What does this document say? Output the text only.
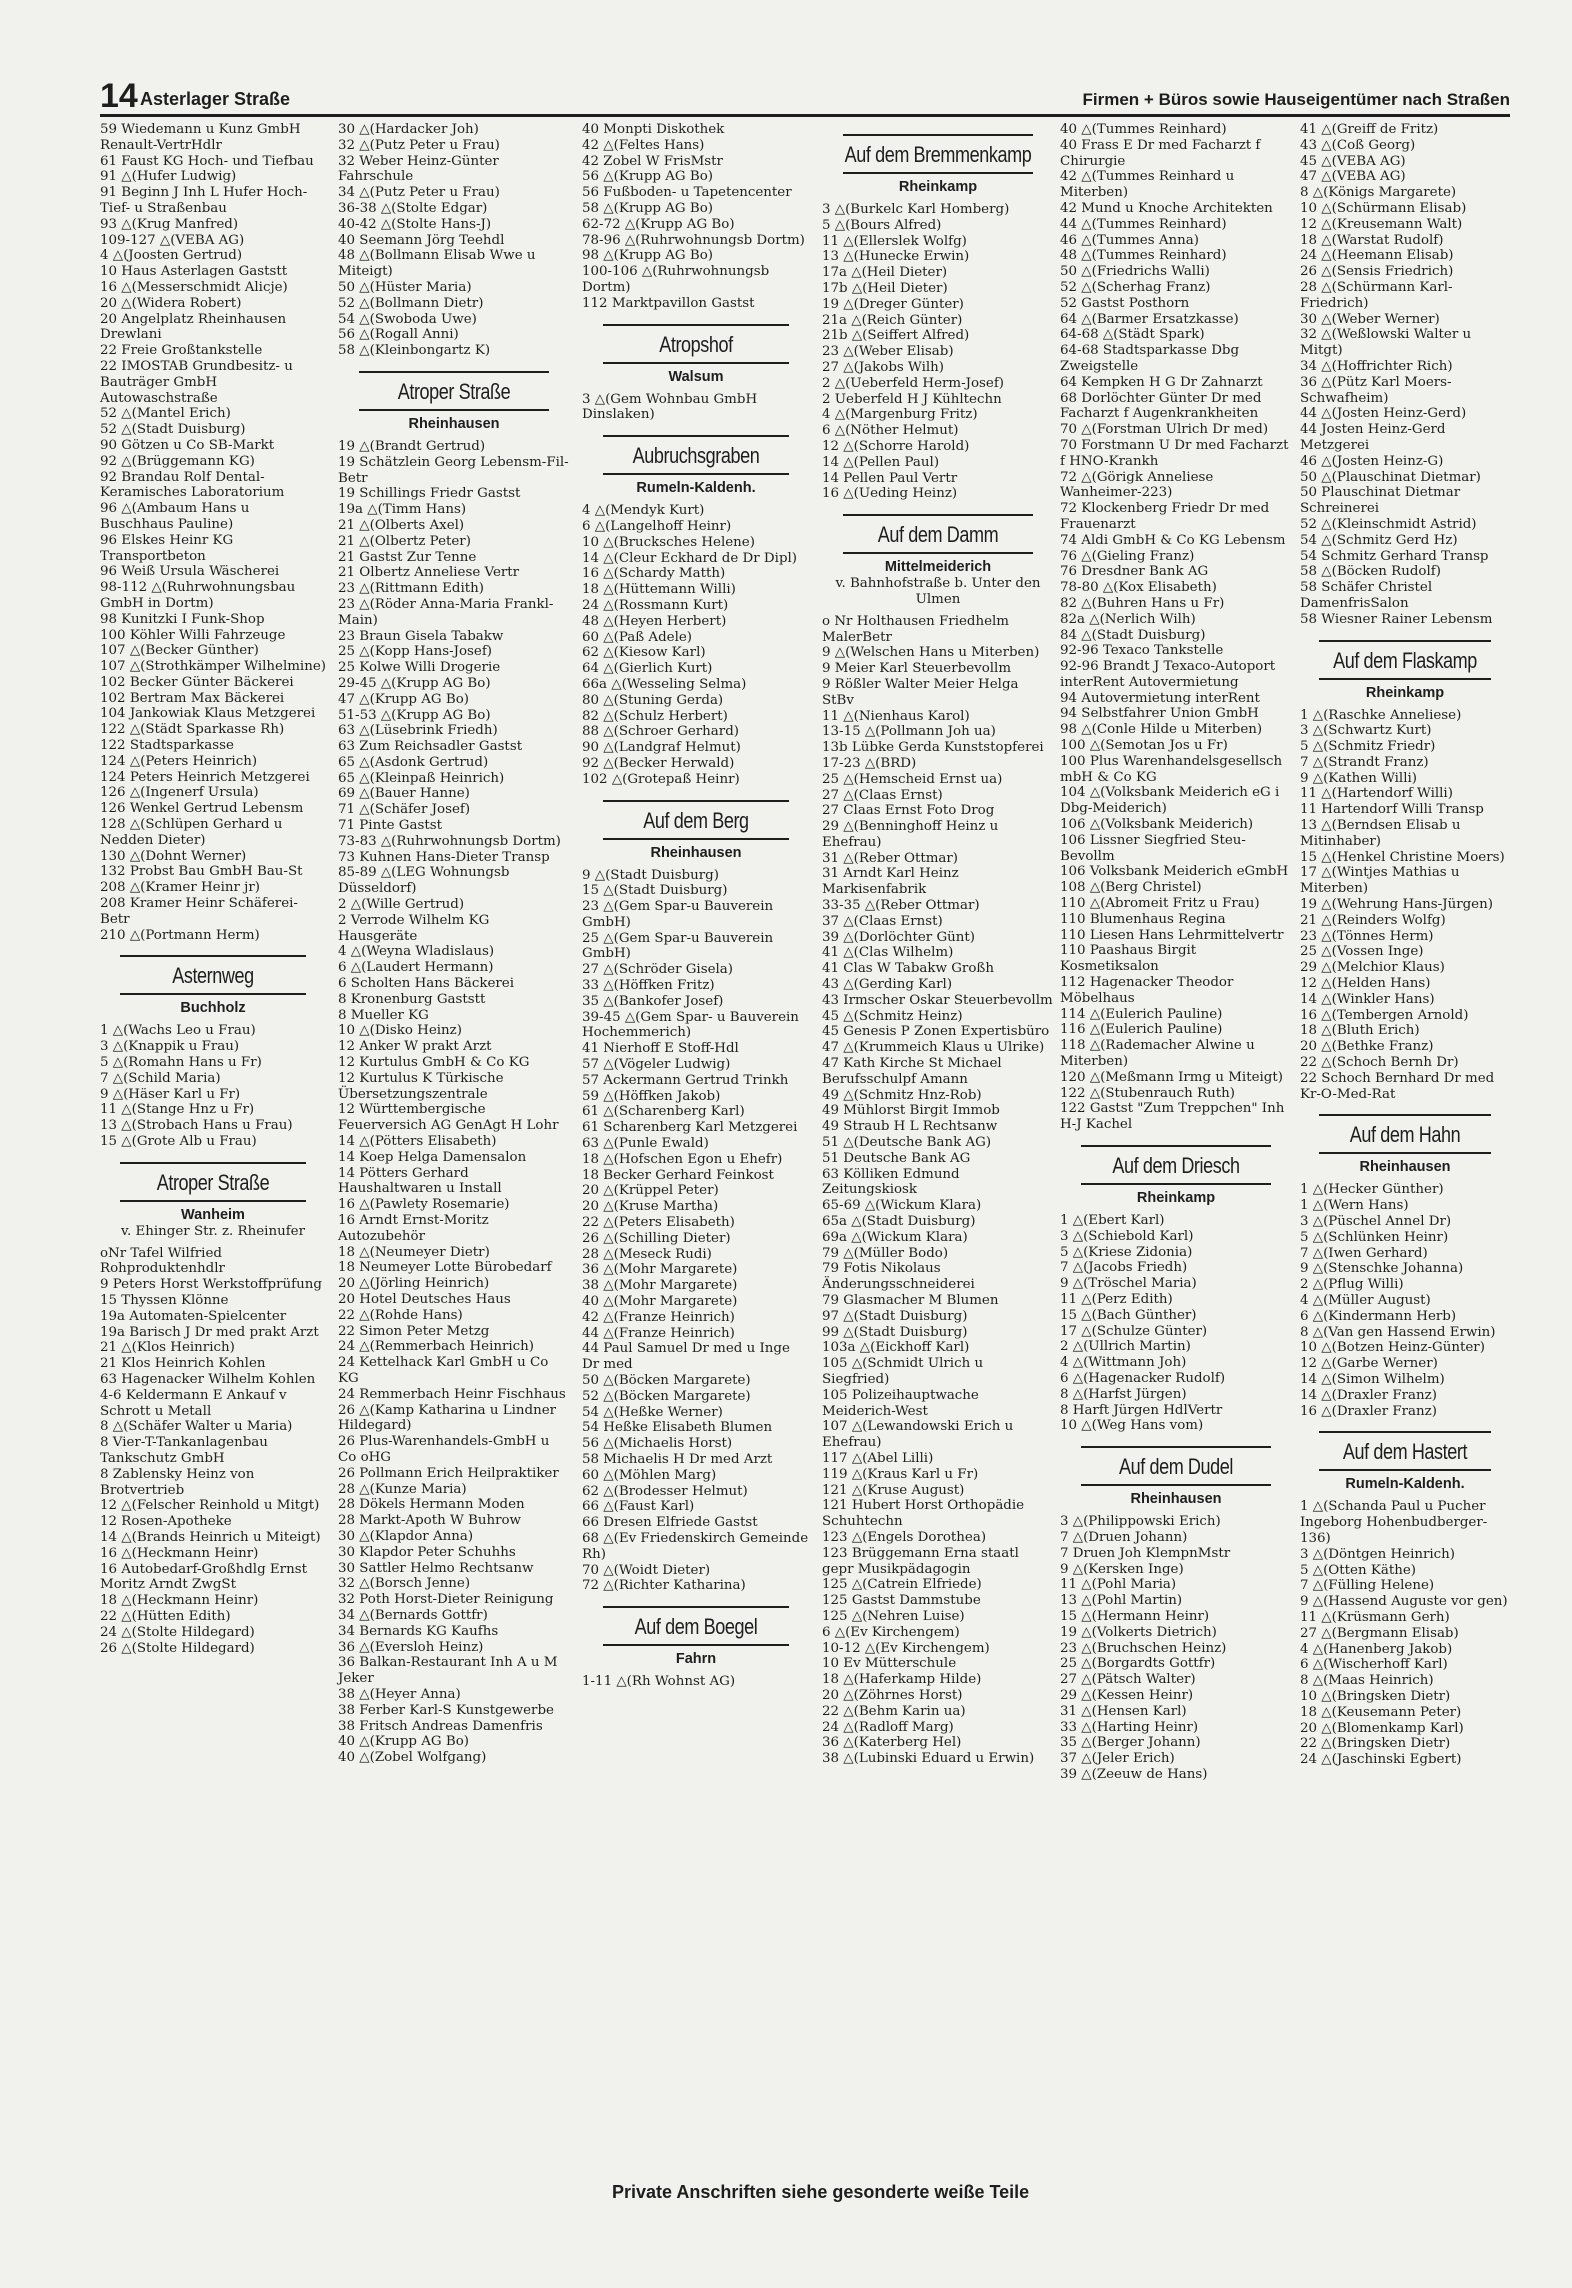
14 Asterlager Straße	Firmen + Büros sowie Hauseigentümer nach Straßen
59 Wiedemann u Kunz GmbH Renault-VertrHdlr
61 Faust KG Hoch- und Tiefbau
91 △(Hufer Ludwig)
91 Beginn J Inh L Hufer Hoch- Tief- u Straßenbau
93 △(Krug Manfred)
109-127 △(VEBA AG)
4 △(Joosten Gertrud)
10 Haus Asterlagen Gaststt
16 △(Messerschmidt Alicje)
20 △(Widera Robert)
20 Angelplatz Rheinhausen Drewlani
22 Freie Großtankstelle
22 IMOSTAB Grundbesitz- u Bauträger GmbH Autowaschstraße
52 △(Mantel Erich)
52 △(Stadt Duisburg)
90 Götzen u Co SB-Markt
92 △(Brüggemann KG)
92 Brandau Rolf Dental-Keramisches Laboratorium
96 △(Ambaum Hans u Buschhaus Pauline)
96 Elskes Heinr KG Transportbeton
96 Weiß Ursula Wäscherei
98-112 △(Ruhrwohnungsbau GmbH in Dortm)
98 Kunitzki I Funk-Shop
100 Köhler Willi Fahrzeuge
107 △(Becker Günther)
107 △(Strothkämper Wilhelmine)
102 Becker Günter Bäckerei
102 Bertram Max Bäckerei
104 Jankowiak Klaus Metzgerei
122 △(Städt Sparkasse Rh)
122 Stadtsparkasse
124 △(Peters Heinrich)
124 Peters Heinrich Metzgerei
126 △(Ingenerf Ursula)
126 Wenkel Gertrud Lebensm
128 △(Schlüpen Gerhard u Nedden Dieter)
130 △(Dohnt Werner)
132 Probst Bau GmbH Bau-St
208 △(Kramer Heinr jr)
208 Kramer Heinr Schäferei-Betr
210 △(Portmann Herm)
Asternweg
Buchholz
1 △(Wachs Leo u Frau)
3 △(Knappik u Frau)
5 △(Romahn Hans u Fr)
7 △(Schild Maria)
9 △(Häser Karl u Fr)
11 △(Stange Hnz u Fr)
13 △(Strobach Hans u Frau)
15 △(Grote Alb u Frau)
Atroper Straße
Wanheim
v. Ehinger Str. z. Rheinufer
oNr Tafel Wilfried Rohproduktenhdlr
9 Peters Horst Werkstoffprüfung
15 Thyssen Klönne
19a Automaten-Spielcenter
19a Barisch J Dr med prakt Arzt
21 △(Klos Heinrich)
21 Klos Heinrich Kohlen
63 Hagenacker Wilhelm Kohlen
4-6 Keldermann E Ankauf v Schrott u Metall
8 △(Schäfer Walter u Maria)
8 Vier-T-Tankanlagenbau Tankschutz GmbH
8 Zablensky Heinz von Brotvertrieb
12 △(Felscher Reinhold u Mitgt)
12 Rosen-Apotheke
14 △(Brands Heinrich u Miteigt)
16 △(Heckmann Heinr)
16 Autobedarf-Großhdlg Ernst Moritz Arndt ZwgSt
18 △(Heckmann Heinr)
22 △(Hütten Edith)
24 △(Stolte Hildegard)
26 △(Stolte Hildegard)
30 △(Hardacker Joh)
32 △(Putz Peter u Frau)
32 Weber Heinz-Günter Fahrschule
34 △(Putz Peter u Frau)
36-38 △(Stolte Edgar)
40-42 △(Stolte Hans-J)
40 Seemann Jörg Teehdl
48 △(Bollmann Elisab Wwe u Miteigt)
50 △(Hüster Maria)
52 △(Bollmann Dietr)
54 △(Swoboda Uwe)
56 △(Rogall Anni)
58 △(Kleinbongartz K)
Atroper Straße
Rheinhausen
19 △(Brandt Gertrud)
19 Schätzlein Georg Lebensm-Fil-Betr
19 Schillings Friedr Gastst
19a △(Timm Hans)
21 △(Olberts Axel)
21 △(Olbertz Peter)
21 Gastst Zur Tenne
21 Olbertz Anneliese Vertr
23 △(Rittmann Edith)
23 △(Röder Anna-Maria Frankl-Main)
23 Braun Gisela Tabakw
25 △(Kopp Hans-Josef)
25 Kolwe Willi Drogerie
29-45 △(Krupp AG Bo)
47 △(Krupp AG Bo)
51-53 △(Krupp AG Bo)
63 △(Lüsebrink Friedh)
63 Zum Reichsadler Gastst
65 △(Asdonk Gertrud)
65 △(Kleinpaß Heinrich)
69 △(Bauer Hanne)
71 △(Schäfer Josef)
71 Pinte Gastst
73-83 △(Ruhrwohnungsb Dortm)
73 Kuhnen Hans-Dieter Transp
85-89 △(LEG Wohnungsb Düsseldorf)
2 △(Wille Gertrud)
2 Verrode Wilhelm KG Hausgeräte
4 △(Weyna Wladislaus)
6 △(Laudert Hermann)
6 Scholten Hans Bäckerei
8 Kronenburg Gaststt
8 Mueller KG
10 △(Disko Heinz)
12 Anker W prakt Arzt
12 Kurtulus GmbH & Co KG
12 Kurtulus K Türkische Übersetzungszentrale
12 Württembergische Feuerversich AG GenAgt H Lohr
14 △(Pötters Elisabeth)
14 Koep Helga Damensalon
14 Pötters Gerhard Haushaltwaren u Install
16 △(Pawlety Rosemarie)
16 Arndt Ernst-Moritz Autozubehör
18 △(Neumeyer Dietr)
18 Neumeyer Lotte Bürobedarf
20 △(Jörling Heinrich)
20 Hotel Deutsches Haus
22 △(Rohde Hans)
22 Simon Peter Metzg
24 △(Remmerbach Heinrich)
24 Kettelhack Karl GmbH u Co KG
24 Remmerbach Heinr Fischhaus
26 △(Kamp Katharina u Lindner Hildegard)
26 Plus-Warenhandels-GmbH u Co oHG
26 Pollmann Erich Heilpraktiker
28 △(Kunze Maria)
28 Dökels Hermann Moden
28 Markt-Apoth W Buhrow
30 △(Klapdor Anna)
30 Klapdor Peter Schuhhs
30 Sattler Helmo Rechtsanw
32 △(Borsch Jenne)
32 Poth Horst-Dieter Reinigung
34 △(Bernards Gottfr)
34 Bernards KG Kaufhs
36 △(Eversloh Heinz)
36 Balkan-Restaurant Inh A u M Jeker
38 △(Heyer Anna)
38 Ferber Karl-S Kunstgewerbe
38 Fritsch Andreas Damenfris
40 △(Krupp AG Bo)
40 △(Zobel Wolfgang)
40 Monpti Diskothek
42 △(Feltes Hans)
42 Zobel W FrisMstr
56 △(Krupp AG Bo)
56 Fußboden- u Tapetencenter
58 △(Krupp AG Bo)
62-72 △(Krupp AG Bo)
78-96 △(Ruhrwohnungsb Dortm)
98 △(Krupp AG Bo)
100-106 △(Ruhrwohnungsb Dortm)
112 Marktpavillon Gastst
Atropshof
Walsum
3 △(Gem Wohnbau GmbH Dinslaken)
Aubruchsgraben
Rumeln-Kaldenh.
4 △(Mendyk Kurt)
6 △(Langelhoff Heinr)
10 △(Brucksches Helene)
14 △(Cleur Eckhard de Dr Dipl)
16 △(Schardy Matth)
18 △(Hüttemann Willi)
24 △(Rossmann Kurt)
48 △(Heyen Herbert)
60 △(Paß Adele)
62 △(Kiesow Karl)
64 △(Gierlich Kurt)
66a △(Wesseling Selma)
80 △(Stuning Gerda)
82 △(Schulz Herbert)
88 △(Schroer Gerhard)
90 △(Landgraf Helmut)
92 △(Becker Herwald)
102 △(Grotepaß Heinr)
Auf dem Berg
Rheinhausen
9 △(Stadt Duisburg)
15 △(Stadt Duisburg)
23 △(Gem Spar-u Bauverein GmbH)
25 △(Gem Spar-u Bauverein GmbH)
27 △(Schröder Gisela)
33 △(Höffken Fritz)
35 △(Bankofer Josef)
39-45 △(Gem Spar- u Bauverein Hochemmerich)
41 Nierhoff E Stoff-Hdl
57 △(Vögeler Ludwig)
57 Ackermann Gertrud Trinkh
59 △(Höffken Jakob)
61 △(Scharenberg Karl)
61 Scharenberg Karl Metzgerei
63 △(Punle Ewald)
18 △(Hofschen Egon u Ehefr)
18 Becker Gerhard Feinkost
20 △(Krüppel Peter)
20 △(Kruse Martha)
22 △(Peters Elisabeth)
26 △(Schilling Dieter)
28 △(Meseck Rudi)
36 △(Mohr Margarete)
38 △(Mohr Margarete)
40 △(Mohr Margarete)
42 △(Franze Heinrich)
44 △(Franze Heinrich)
44 Paul Samuel Dr med u Inge Dr med
50 △(Böcken Margarete)
52 △(Böcken Margarete)
54 △(Heßke Werner)
54 Heßke Elisabeth Blumen
56 △(Michaelis Horst)
58 Michaelis H Dr med Arzt
60 △(Möhlen Marg)
62 △(Brodesser Helmut)
66 △(Faust Karl)
66 Dresen Elfriede Gastst
68 △(Ev Friedenskirch Gemeinde Rh)
70 △(Woidt Dieter)
72 △(Richter Katharina)
Auf dem Boegel
Fahrn
1-11 △(Rh Wohnst AG)
Auf dem Bremmenkamp
Rheinkamp
3 △(Burkelc Karl Homberg)
5 △(Bours Alfred)
11 △(Ellerslek Wolfg)
13 △(Hunecke Erwin)
17a △(Heil Dieter)
17b △(Heil Dieter)
19 △(Dreger Günter)
21a △(Reich Günter)
21b △(Seiffert Alfred)
23 △(Weber Elisab)
27 △(Jakobs Wilh)
2 △(Ueberfeld Herm-Josef)
2 Ueberfeld H J Kühltechn
4 △(Margenburg Fritz)
6 △(Nöther Helmut)
12 △(Schorre Harold)
14 △(Pellen Paul)
14 Pellen Paul Vertr
16 △(Ueding Heinz)
Auf dem Damm
Mittelmeiderich
v. Bahnhofstraße b. Unter den Ulmen
o Nr Holthausen Friedhelm MalerBetr
9 △(Welschen Hans u Miterben)
9 Meier Karl Steuerbevollm
9 Rößler Walter Meier Helga StBv
11 △(Nienhaus Karol)
13-15 △(Pollmann Joh ua)
13b Lübke Gerda Kunststopferei
17-23 △(BRD)
25 △(Hemscheid Ernst ua)
27 △(Claas Ernst)
27 Claas Ernst Foto Drog
29 △(Benninghoff Heinz u Ehefrau)
31 △(Reber Ottmar)
31 Arndt Karl Heinz Markisenfabrik
33-35 △(Reber Ottmar)
37 △(Claas Ernst)
39 △(Dorlöchter Günt)
41 △(Clas Wilhelm)
41 Clas W Tabakw Großh
43 △(Gerding Karl)
43 Irmscher Oskar Steuerbevollm
45 △(Schmitz Heinz)
45 Genesis P Zonen Expertisbüro
47 △(Krummeich Klaus u Ulrike)
47 Kath Kirche St Michael Berufsschulpf Amann
49 △(Schmitz Hnz-Rob)
49 Mühlorst Birgit Immob
49 Straub H L Rechtsanw
51 △(Deutsche Bank AG)
51 Deutsche Bank AG
63 Kölliken Edmund Zeitungskiosk
65-69 △(Wickum Klara)
65a △(Stadt Duisburg)
69a △(Wickum Klara)
79 △(Müller Bodo)
79 Fotis Nikolaus Änderungsschneiderei
79 Glasmacher M Blumen
97 △(Stadt Duisburg)
99 △(Stadt Duisburg)
103a △(Eickhoff Karl)
105 △(Schmidt Ulrich u Siegfried)
105 Polizeihauptwache Meiderich-West
107 △(Lewandowski Erich u Ehefrau)
117 △(Abel Lilli)
119 △(Kraus Karl u Fr)
121 △(Kruse August)
121 Hubert Horst Orthopädie Schuhtechn
123 △(Engels Dorothea)
123 Brüggemann Erna staatl gepr Musikpädagogin
125 △(Catrein Elfriede)
125 Gastst Dammstube
125 △(Nehren Luise)
6 △(Ev Kirchengem)
10-12 △(Ev Kirchengem)
10 Ev Mütterschule
18 △(Haferkamp Hilde)
20 △(Zöhrnes Horst)
22 △(Behm Karin ua)
24 △(Radloff Marg)
36 △(Katerberg Hel)
38 △(Lubinski Eduard u Erwin)
40 △(Tummes Reinhard)
40 Frass E Dr med Facharzt f Chirurgie
42 △(Tummes Reinhard u Miterben)
42 Mund u Knoche Architekten
44 △(Tummes Reinhard)
46 △(Tummes Anna)
48 △(Tummes Reinhard)
50 △(Friedrichs Walli)
52 △(Scherhag Franz)
52 Gastst Posthorn
64 △(Barmer Ersatzkasse)
64-68 △(Städt Spark)
64-68 Stadtsparkasse Dbg Zweigstelle
64 Kempken H G Dr Zahnarzt
68 Dorlöchter Günter Dr med Facharzt f Augenkrankheiten
70 △(Forstman Ulrich Dr med)
70 Forstmann U Dr med Facharzt f HNO-Krankh
72 △(Görigk Anneliese Wanheimer-223)
72 Klockenberg Friedr Dr med Frauenarzt
74 Aldi GmbH & Co KG Lebensm
76 △(Gieling Franz)
76 Dresdner Bank AG
78-80 △(Kox Elisabeth)
82 △(Buhren Hans u Fr)
82a △(Nerlich Wilh)
84 △(Stadt Duisburg)
92-96 Texaco Tankstelle
92-96 Brandt J Texaco-Autoport interRent Autovermietung
94 Autovermietung interRent
94 Selbstfahrer Union GmbH
98 △(Conle Hilde u Miterben)
100 △(Semotan Jos u Fr)
100 Plus Warenhandelsgesellsch mbH & Co KG
104 △(Volksbank Meiderich eG i Dbg-Meiderich)
106 △(Volksbank Meiderich)
106 Lissner Siegfried Steu-Bevollm
106 Volksbank Meiderich eGmbH
108 △(Berg Christel)
110 △(Abromeit Fritz u Frau)
110 Blumenhaus Regina
110 Liesen Hans Lehrmittelvertr
110 Paashaus Birgit Kosmetiksalon
112 Hagenacker Theodor Möbelhaus
114 △(Eulerich Pauline)
116 △(Eulerich Pauline)
118 △(Rademacher Alwine u Miterben)
120 △(Meßmann Irmg u Miteigt)
122 △(Stubenrauch Ruth)
122 Gastst "Zum Treppchen" Inh H-J Kachel
Auf dem Driesch
Rheinkamp
1 △(Ebert Karl)
3 △(Schiebold Karl)
5 △(Kriese Zidonia)
7 △(Jacobs Friedh)
9 △(Tröschel Maria)
11 △(Perz Edith)
15 △(Bach Günther)
17 △(Schulze Günter)
2 △(Ullrich Martin)
4 △(Wittmann Joh)
6 △(Hagenacker Rudolf)
8 △(Harfst Jürgen)
8 Harft Jürgen HdlVertr
10 △(Weg Hans vom)
Auf dem Dudel
Rheinhausen
3 △(Philippowski Erich)
7 △(Druen Johann)
7 Druen Joh KlempnMstr
9 △(Kersken Inge)
11 △(Pohl Maria)
13 △(Pohl Martin)
15 △(Hermann Heinr)
19 △(Volkerts Dietrich)
23 △(Bruchschen Heinz)
25 △(Borgardts Gottfr)
27 △(Pätsch Walter)
29 △(Kessen Heinr)
31 △(Hensen Karl)
33 △(Harting Heinr)
35 △(Berger Johann)
37 △(Jeler Erich)
39 △(Zeeuw de Hans)
41 △(Greiff de Fritz)
43 △(Coß Georg)
45 △(VEBA AG)
47 △(VEBA AG)
8 △(Königs Margarete)
10 △(Schürmann Elisab)
12 △(Kreusemann Walt)
18 △(Warstat Rudolf)
24 △(Heemann Elisab)
26 △(Sensis Friedrich)
28 △(Schürmann Karl-Friedrich)
30 △(Weber Werner)
32 △(Weßlowski Walter u Mitgt)
34 △(Hoffrichter Rich)
36 △(Pütz Karl Moers-Schwafheim)
44 △(Josten Heinz-Gerd)
44 Josten Heinz-Gerd Metzgerei
46 △(Josten Heinz-G)
50 △(Plauschinat Dietmar)
50 Plauschinat Dietmar Schreinerei
52 △(Kleinschmidt Astrid)
54 △(Schmitz Gerd Hz)
54 Schmitz Gerhard Transp
58 △(Böcken Rudolf)
58 Schäfer Christel DamenfrisSalon
58 Wiesner Rainer Lebensm
Auf dem Flaskamp
Rheinkamp
1 △(Raschke Anneliese)
3 △(Schwartz Kurt)
5 △(Schmitz Friedr)
7 △(Strandt Franz)
9 △(Kathen Willi)
11 △(Hartendorf Willi)
11 Hartendorf Willi Transp
13 △(Berndsen Elisab u Mitinhaber)
15 △(Henkel Christine Moers)
17 △(Wintjes Mathias u Miterben)
19 △(Wehrung Hans-Jürgen)
21 △(Reinders Wolfg)
23 △(Tönnes Herm)
25 △(Vossen Inge)
29 △(Melchior Klaus)
12 △(Helden Hans)
14 △(Winkler Hans)
16 △(Tembergen Arnold)
18 △(Bluth Erich)
20 △(Bethke Franz)
22 △(Schoch Bernh Dr)
22 Schoch Bernhard Dr med Kr-O-Med-Rat
Auf dem Hahn
Rheinhausen
1 △(Hecker Günther)
1 △(Wern Hans)
3 △(Püschel Annel Dr)
5 △(Schlünken Heinr)
7 △(Iwen Gerhard)
9 △(Stenschke Johanna)
2 △(Pflug Willi)
4 △(Müller August)
6 △(Kindermann Herb)
8 △(Van gen Hassend Erwin)
10 △(Botzen Heinz-Günter)
12 △(Garbe Werner)
14 △(Simon Wilhelm)
14 △(Draxler Franz)
16 △(Draxler Franz)
Auf dem Hastert
Rumeln-Kaldenh.
1 △(Schanda Paul u Pucher Ingeborg Hohenbudberger-136)
3 △(Döntgen Heinrich)
5 △(Otten Käthe)
7 △(Fülling Helene)
9 △(Hassend Auguste vor gen)
11 △(Krüsmann Gerh)
27 △(Bergmann Elisab)
4 △(Hanenberg Jakob)
6 △(Wischerhoff Karl)
8 △(Maas Heinrich)
10 △(Bringsken Dietr)
18 △(Keusemann Peter)
20 △(Blomenkamp Karl)
22 △(Bringsken Dietr)
24 △(Jaschinski Egbert)
Private Anschriften siehe gesonderte weiße Teile
